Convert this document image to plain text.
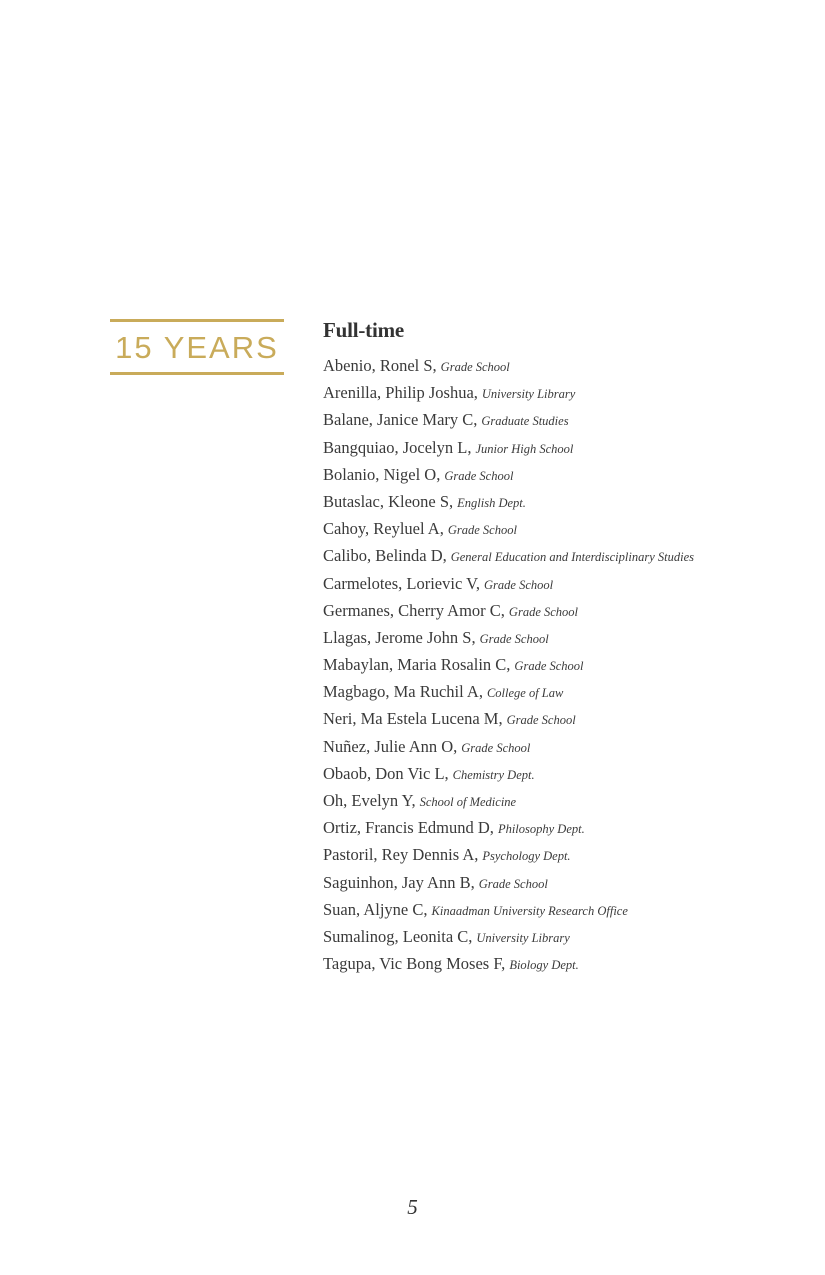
15 YEARS Full-time
Abenio, Ronel S, Grade School
Arenilla, Philip Joshua, University Library
Balane, Janice Mary C, Graduate Studies
Bangquiao, Jocelyn L, Junior High School
Bolanio, Nigel O, Grade School
Butaslac, Kleone S, English Dept.
Cahoy, Reyluel A, Grade School
Calibo, Belinda D, General Education and Interdisciplinary Studies
Carmelotes, Lorievic V, Grade School
Germanes, Cherry Amor C, Grade School
Llagas, Jerome John S, Grade School
Mabaylan, Maria Rosalin C, Grade School
Magbago, Ma Ruchil A, College of Law
Neri, Ma Estela Lucena M, Grade School
Nuñez, Julie Ann O, Grade School
Obaob, Don Vic L, Chemistry Dept.
Oh, Evelyn Y, School of Medicine
Ortiz, Francis Edmund D, Philosophy Dept.
Pastoril, Rey Dennis A, Psychology Dept.
Saguinhon, Jay Ann B, Grade School
Suan, Aljyne C, Kinaadman University Research Office
Sumalinog, Leonita C, University Library
Tagupa, Vic Bong Moses F, Biology Dept.
5
